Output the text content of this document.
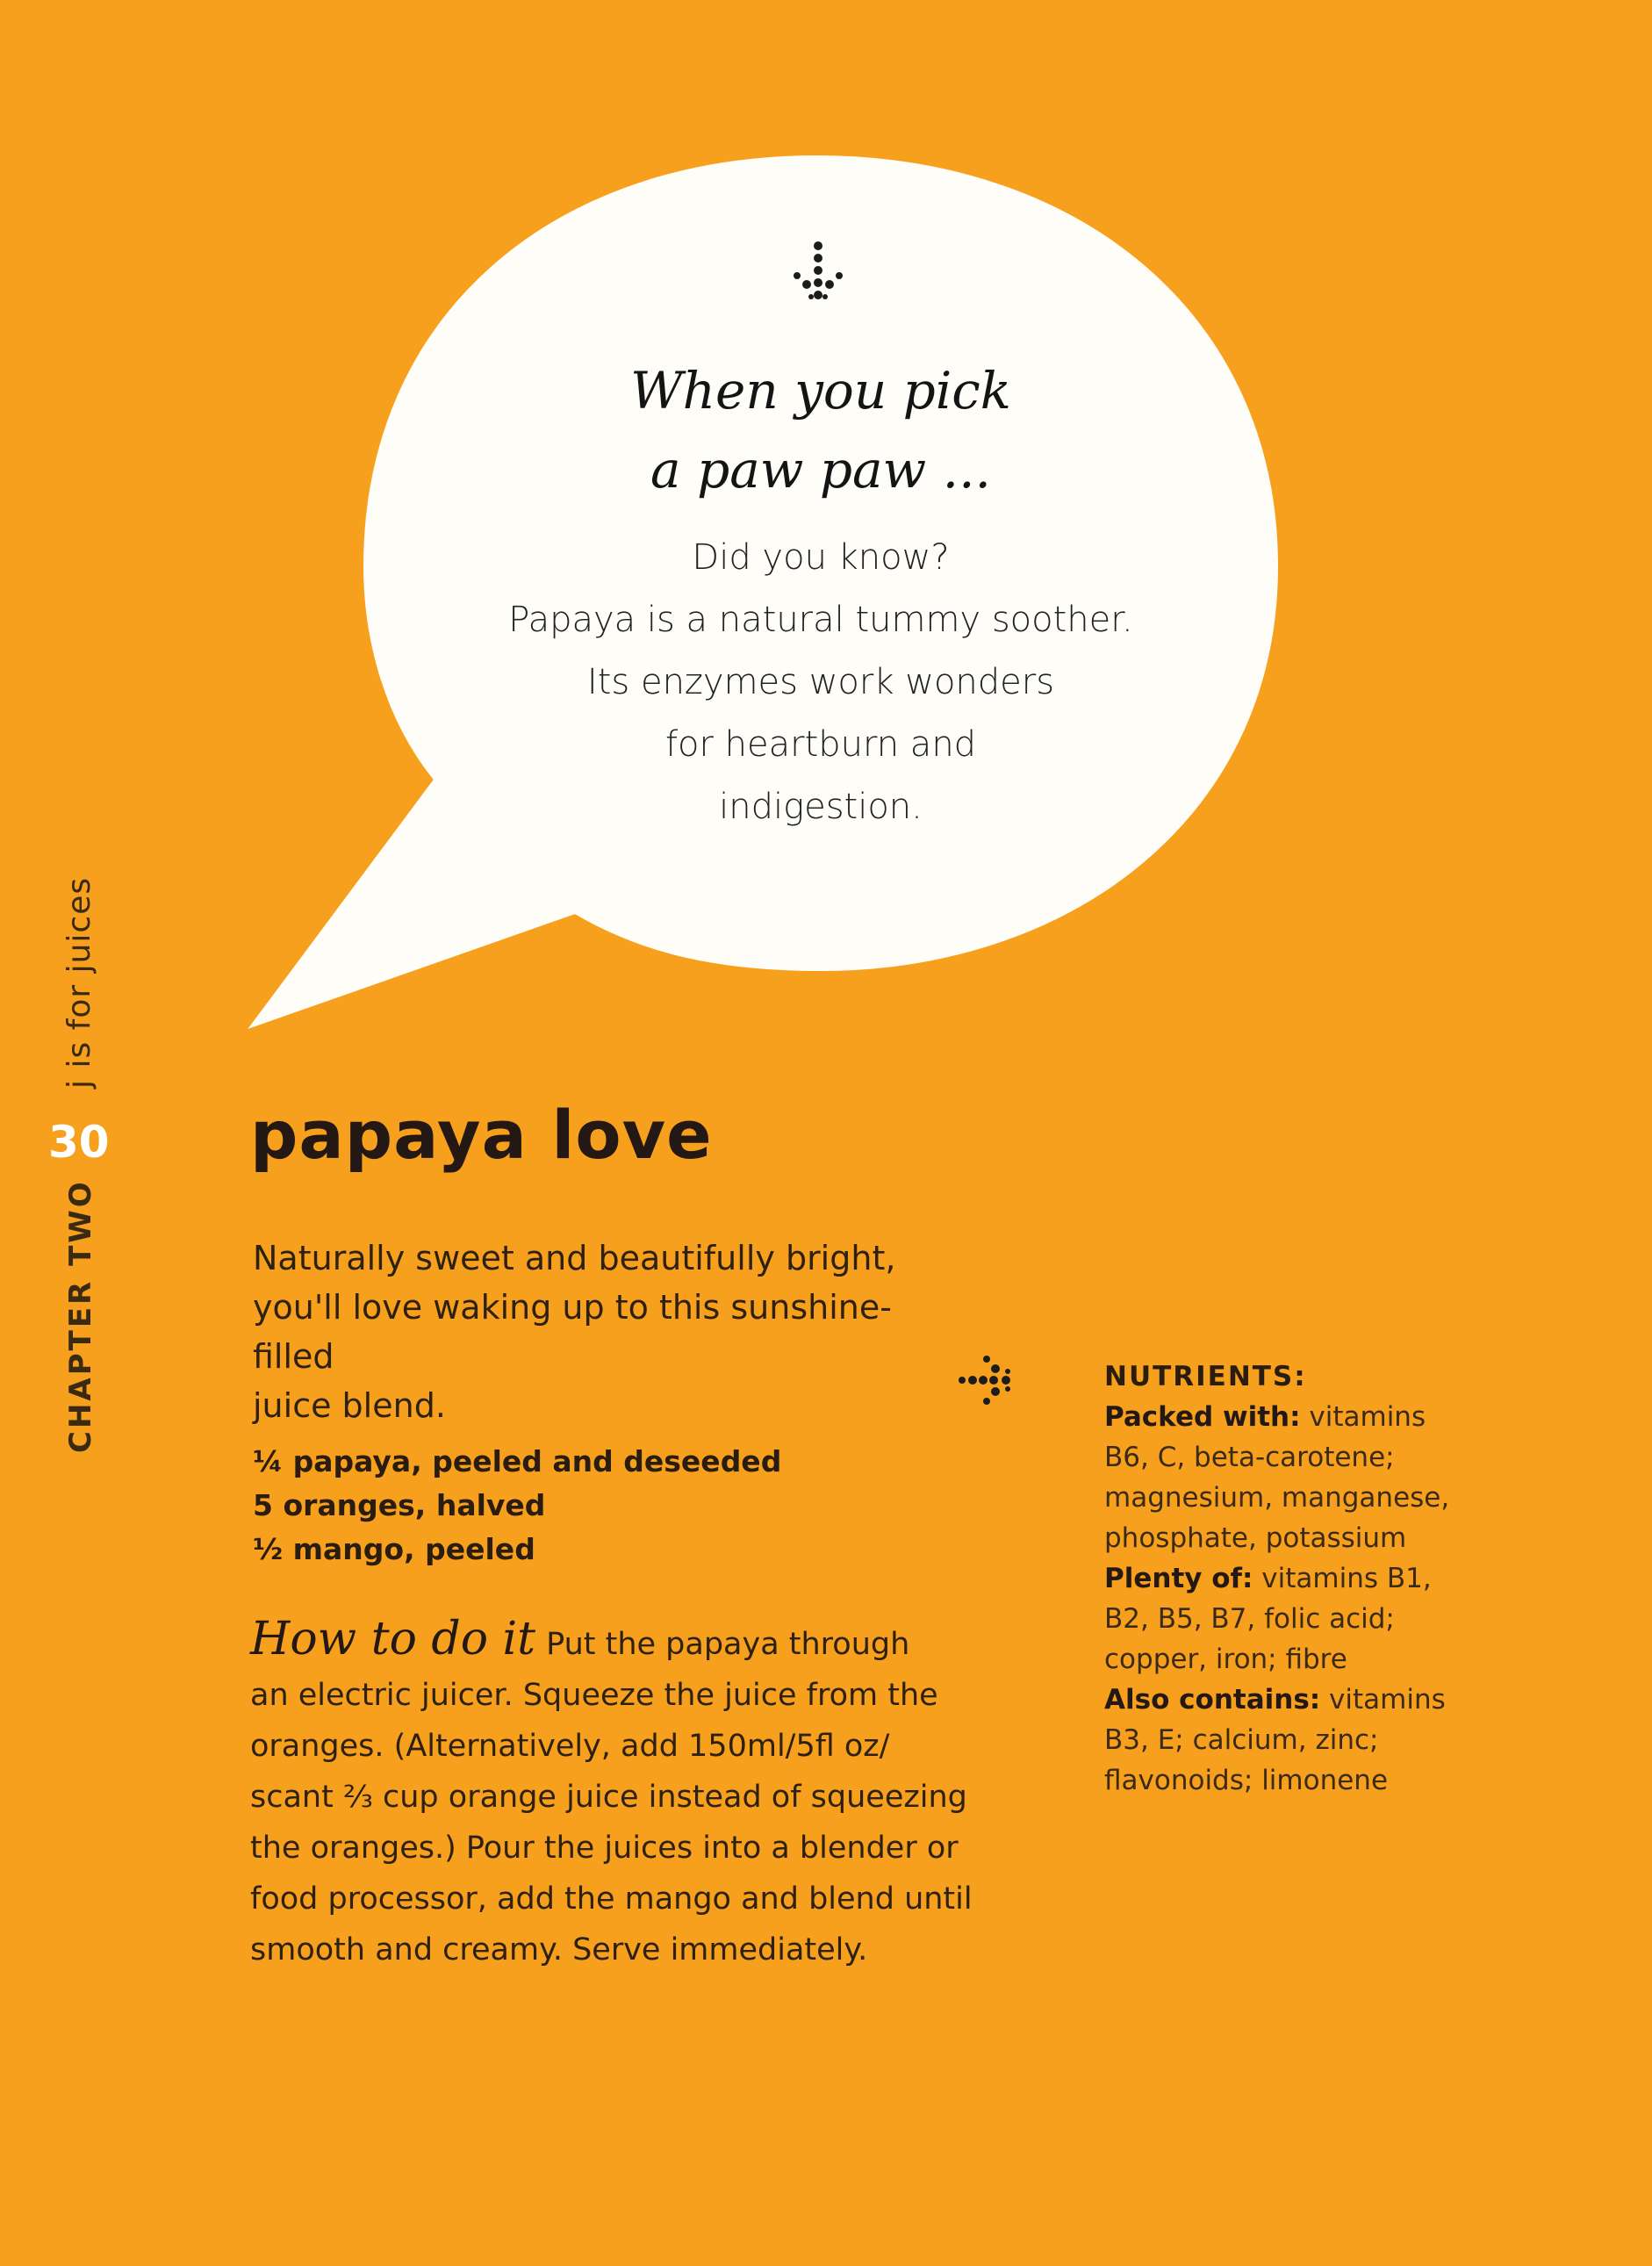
When you pick
a paw paw ...
Did you know?
Papaya is a natural tummy soother.
Its enzymes work wonders
for heartburn and
indigestion.
j is for juices
30
CHAPTER TWO
papaya love
Naturally sweet and beautifully bright,
you'll love waking up to this sunshine-filled
juice blend.
¼ papaya, peeled and deseeded
5 oranges, halved
½ mango, peeled
How to do it Put the papaya through
an electric juicer. Squeeze the juice from the
oranges. (Alternatively, add 150ml/5fl oz/
scant ⅔ cup orange juice instead of squeezing
the oranges.) Pour the juices into a blender or
food processor, add the mango and blend until
smooth and creamy. Serve immediately.
NUTRIENTS:
Packed with: vitamins
B6, C, beta-carotene;
magnesium, manganese,
phosphate, potassium
Plenty of: vitamins B1,
B2, B5, B7, folic acid;
copper, iron; fibre
Also contains: vitamins
B3, E; calcium, zinc;
flavonoids; limonene
